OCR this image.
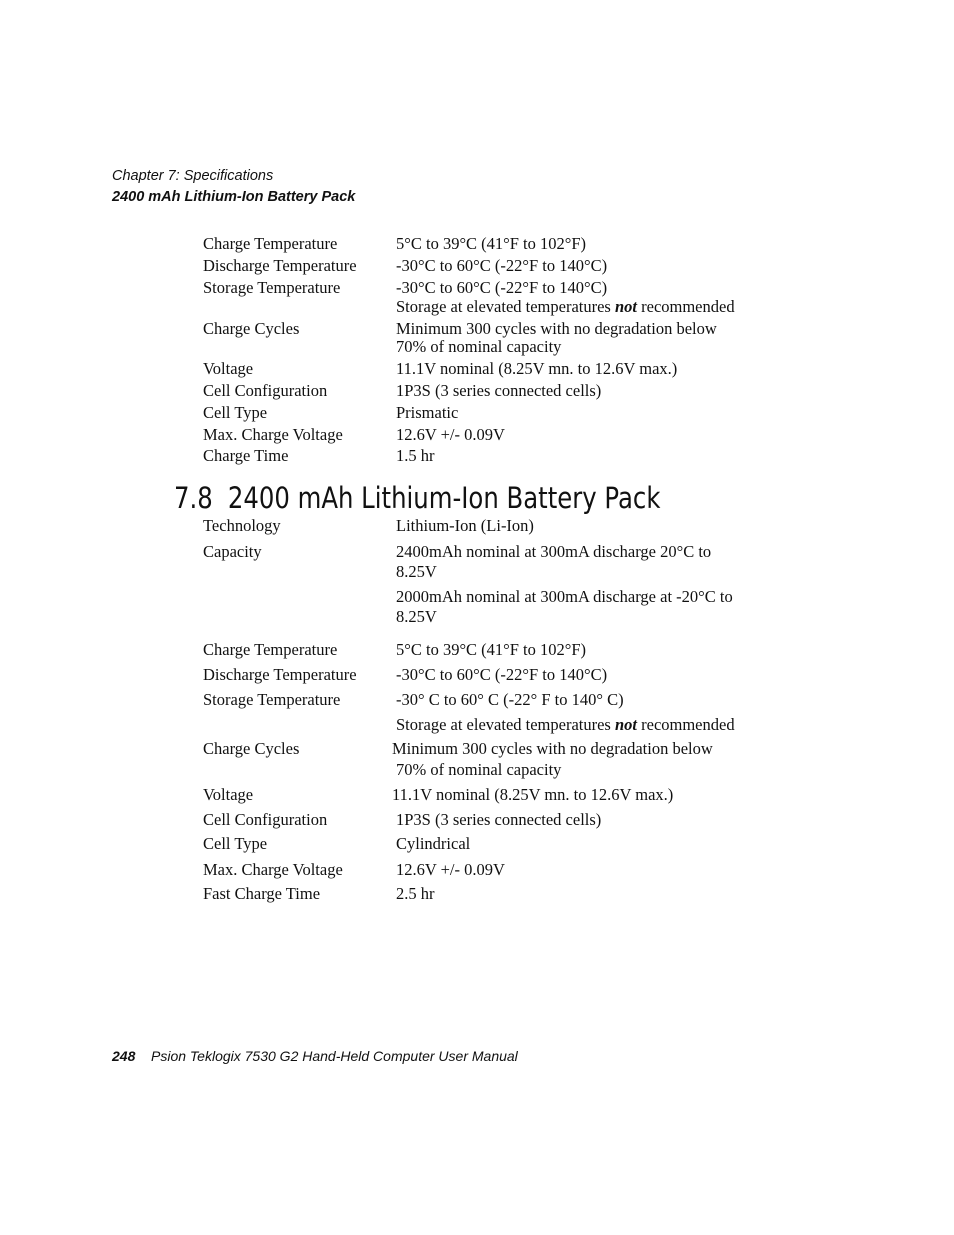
Chapter 7: Specifications
2400 mAh Lithium-Ion Battery Pack
Charge Temperature	5°C to 39°C (41°F to 102°F)
Discharge Temperature -30°C to 60°C (-22°F to 140°C)
Storage Temperature	-30°C to 60°C (-22°F to 140°C)
Storage at elevated temperatures not recommended
Charge Cycles	Minimum 300 cycles with no degradation below
70% of nominal capacity
Voltage	11.1V nominal (8.25V mn. to 12.6V max.)
Cell Configuration	1P3S (3 series connected cells)
Cell Type	Prismatic
Max. Charge Voltage	12.6V +/- 0.09V
Charge Time	1.5 hr
7.8 2400 mAh Lithium-Ion Battery Pack
Technology	Lithium-Ion (Li-Ion)
Capacity	2400mAh nominal at 300mA discharge 20°C to
8.25V
2000mAh nominal at 300mA discharge at -20°C to
8.25V
Charge Temperature	5°C to 39°C (41°F to 102°F)
Discharge Temperature -30°C to 60°C (-22°F to 140°C)
Storage Temperature	-30° C to 60° C (-22° F to 140° C)
Storage at elevated temperatures not recommended
Charge Cycles	Minimum 300 cycles with no degradation below
70% of nominal capacity
Voltage	11.1V nominal (8.25V mn. to 12.6V max.)
Cell Configuration	1P3S (3 series connected cells)
Cell Type	Cylindrical
Max. Charge Voltage	12.6V +/- 0.09V
Fast Charge Time	2.5 hr
248 Psion Teklogix 7530 G2 Hand-Held Computer User Manual
